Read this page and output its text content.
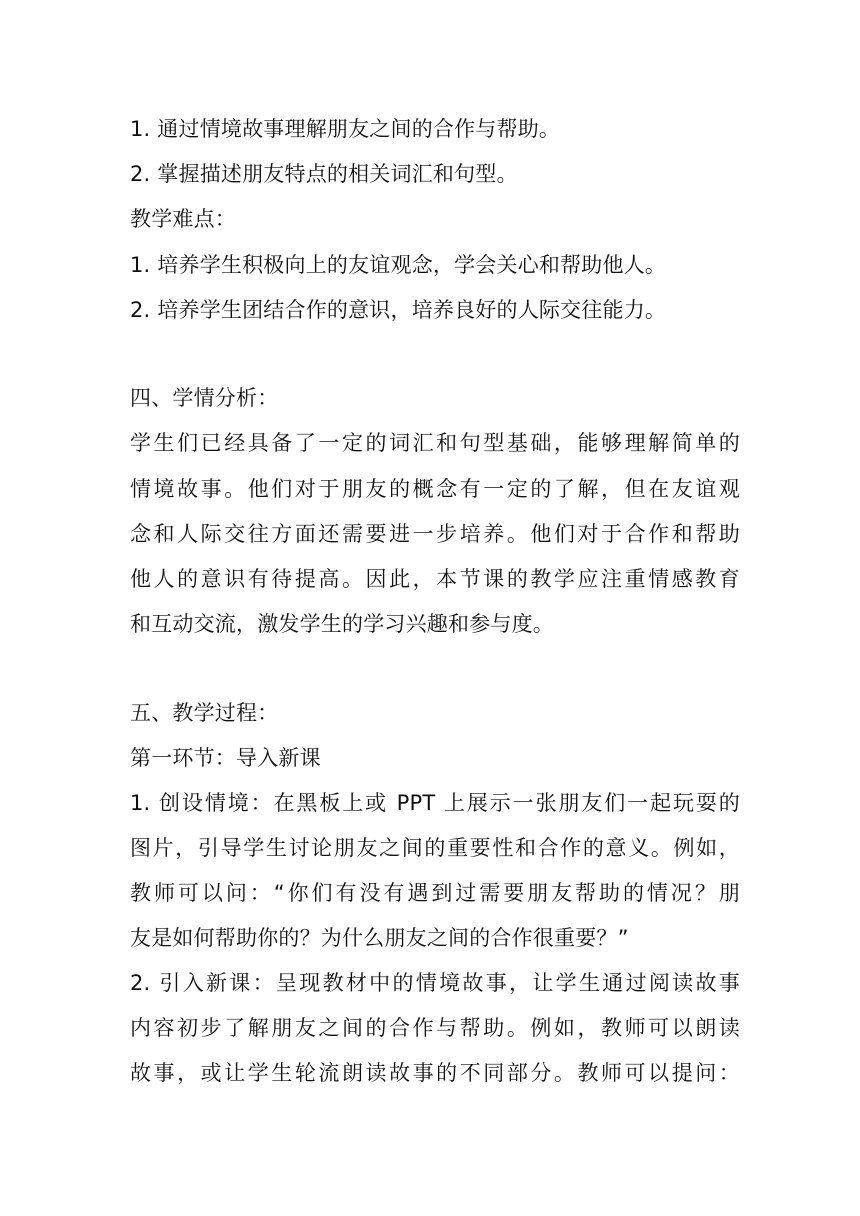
1. 通过情境故事理解朋友之间的合作与帮助。
2. 掌握描述朋友特点的相关词汇和句型。
教学难点：
1. 培养学生积极向上的友谊观念，学会关心和帮助他人。
2. 培养学生团结合作的意识，培养良好的人际交往能力。
四、学情分析：
学生们已经具备了一定的词汇和句型基础，能够理解简单的
情境故事。他们对于朋友的概念有一定的了解，但在友谊观
念和人际交往方面还需要进一步培养。他们对于合作和帮助
他人的意识有待提高。因此，本节课的教学应注重情感教育
和互动交流，激发学生的学习兴趣和参与度。
五、教学过程：
第一环节：导入新课
1. 创设情境：在黑板上或 PPT 上展示一张朋友们一起玩耍的
图片，引导学生讨论朋友之间的重要性和合作的意义。例如，
教师可以问：“你们有没有遇到过需要朋友帮助的情况？朋
友是如何帮助你的？为什么朋友之间的合作很重要？”
2. 引入新课：呈现教材中的情境故事，让学生通过阅读故事
内容初步了解朋友之间的合作与帮助。例如，教师可以朗读
故事，或让学生轮流朗读故事的不同部分。教师可以提问：
